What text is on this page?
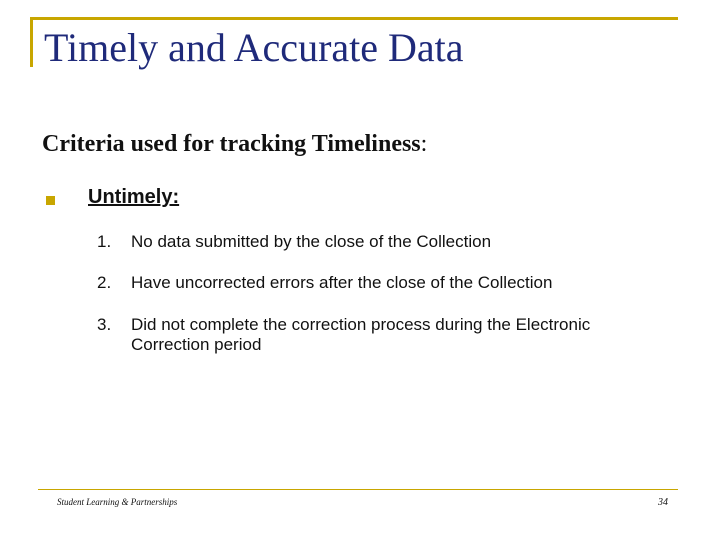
Timely and Accurate Data
Criteria used for tracking Timeliness:
Untimely:
1.	No data submitted by the close of the Collection
2.	Have uncorrected errors after the close of the Collection
3.	Did not complete the correction process during the Electronic Correction period
Student Learning & Partnerships	34
